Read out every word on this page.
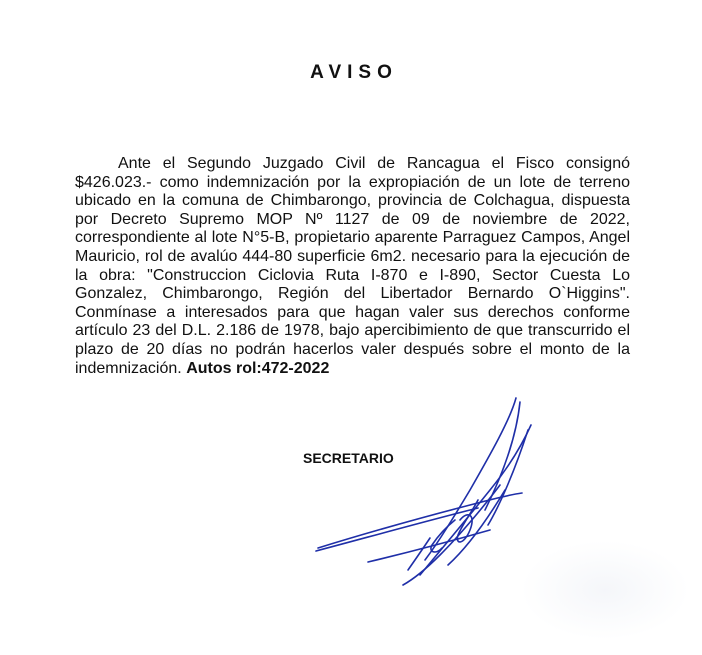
AVISO

Ante el Segundo Juzgado Civil de Rancagua el Fisco consignó $426.023.- como indemnización por la expropiación de un lote de terreno ubicado en la comuna de Chimbarongo, provincia de Colchagua, dispuesta por Decreto Supremo MOP Nº 1127 de 09 de noviembre de 2022, correspondiente al lote N°5-B, propietario aparente Parraguez Campos, Angel Mauricio, rol de avalúo 444-80 superficie 6m2. necesario para la ejecución de la obra: "Construccion Ciclovia Ruta I-870 e I-890, Sector Cuesta Lo Gonzalez, Chimbarongo, Región del Libertador Bernardo O`Higgins". Conmínase a interesados para que hagan valer sus derechos conforme artículo 23 del D.L. 2.186 de 1978, bajo apercibimiento de que transcurrido el plazo de 20 días no podrán hacerlos valer después sobre el monto de la indemnización. Autos rol:472-2022

SECRETARIO
